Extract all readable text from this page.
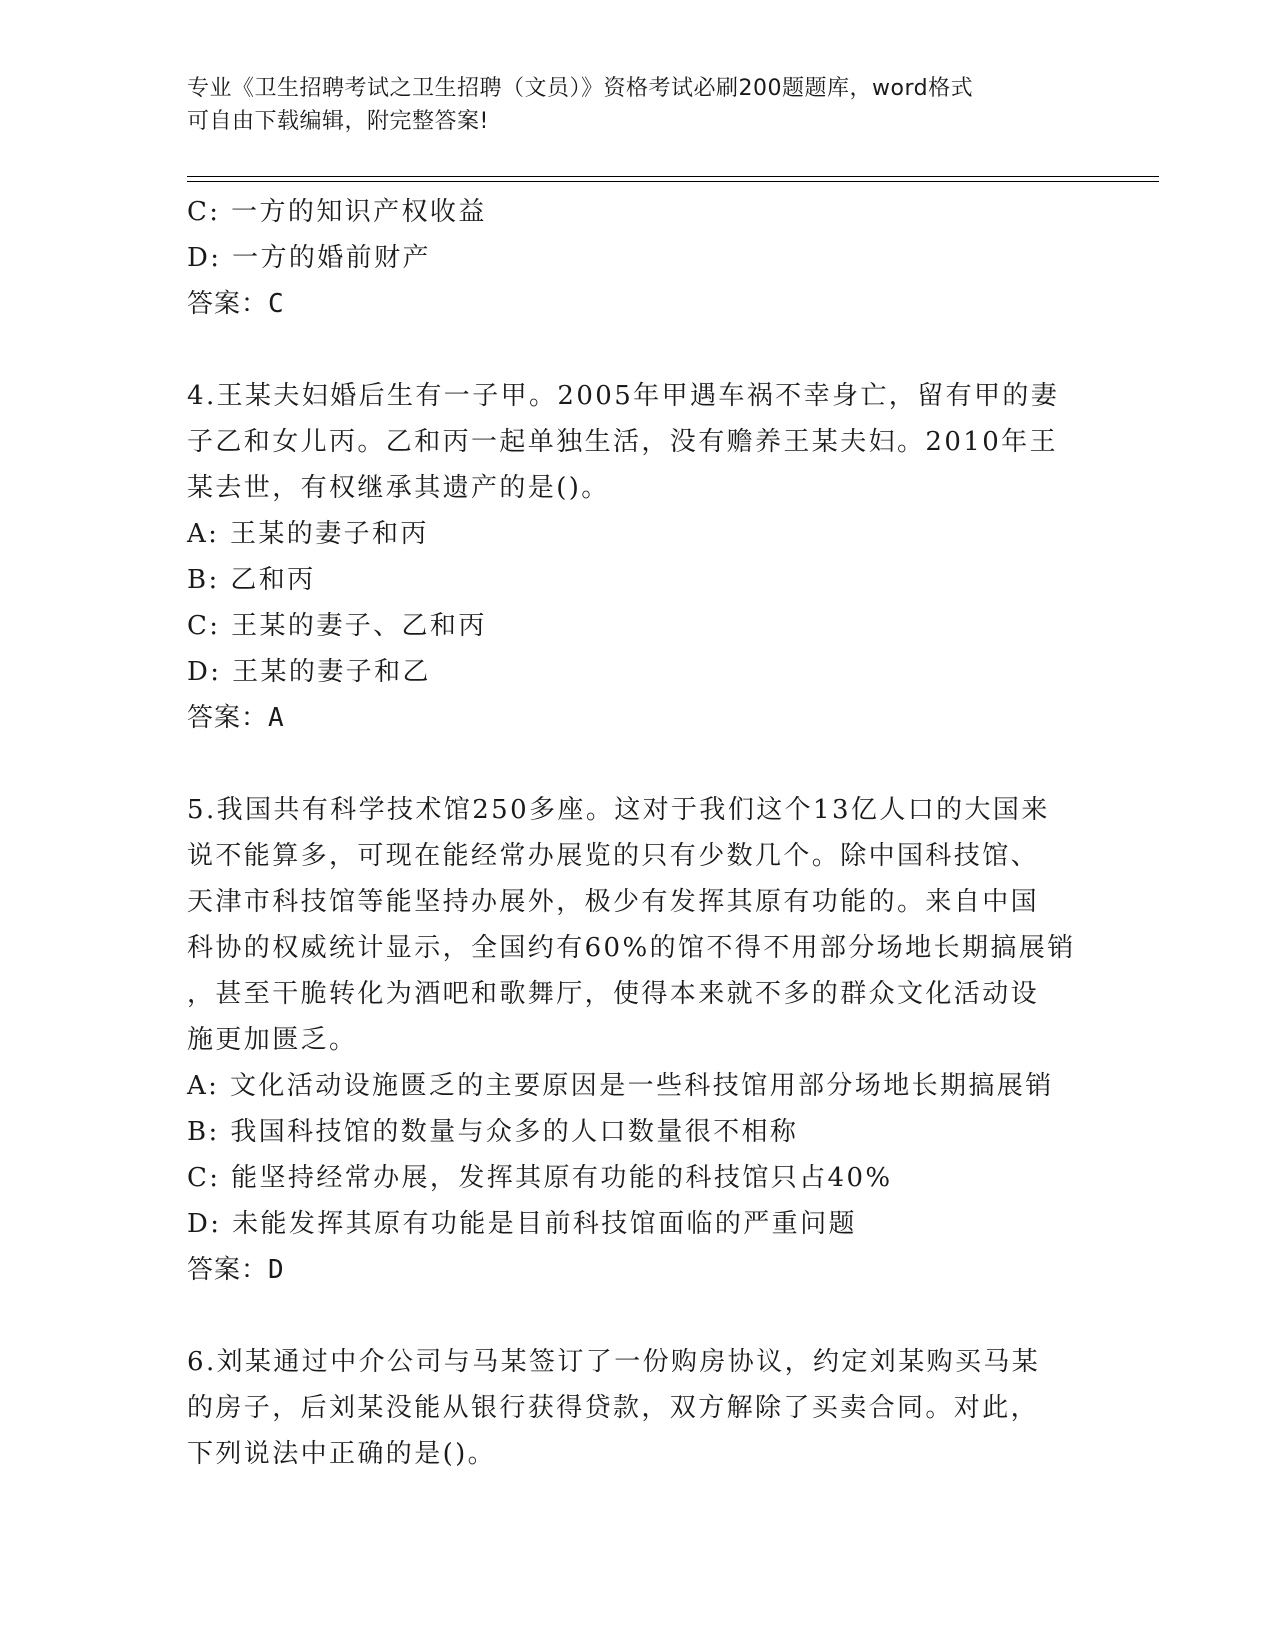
专业《卫生招聘考试之卫生招聘（文员）》资格考试必刷200题题库，word格式
可自由下载编辑，附完整答案!
C: 一方的知识产权收益
D: 一方的婚前财产
答案：C
4.王某夫妇婚后生有一子甲。2005年甲遇车祸不幸身亡，留有甲的妻
子乙和女儿丙。乙和丙一起单独生活，没有赡养王某夫妇。2010年王
某去世，有权继承其遗产的是()。
A: 王某的妻子和丙
B: 乙和丙
C: 王某的妻子、乙和丙
D: 王某的妻子和乙
答案：A
5.我国共有科学技术馆250多座。这对于我们这个13亿人口的大国来
说不能算多，可现在能经常办展览的只有少数几个。除中国科技馆、
天津市科技馆等能坚持办展外，极少有发挥其原有功能的。来自中国
科协的权威统计显示，全国约有60%的馆不得不用部分场地长期搞展销
，甚至干脆转化为酒吧和歌舞厅，使得本来就不多的群众文化活动设
施更加匮乏。
A: 文化活动设施匮乏的主要原因是一些科技馆用部分场地长期搞展销
B: 我国科技馆的数量与众多的人口数量很不相称
C: 能坚持经常办展，发挥其原有功能的科技馆只占40%
D: 未能发挥其原有功能是目前科技馆面临的严重问题
答案：D
6.刘某通过中介公司与马某签订了一份购房协议，约定刘某购买马某
的房子，后刘某没能从银行获得贷款，双方解除了买卖合同。对此，
下列说法中正确的是()。
